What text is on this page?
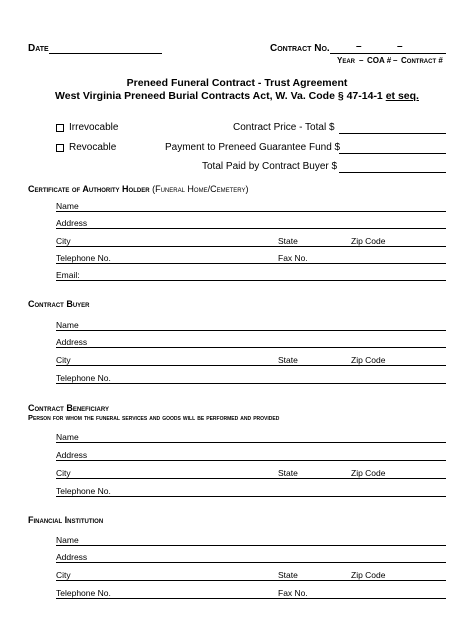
Date	Contract No.	–	–
Year – COA # – Contract #
Preneed Funeral Contract - Trust Agreement
West Virginia Preneed Burial Contracts Act, W. Va. Code § 47-14-1 et seq.
Irrevocable	Contract Price - Total $
Revocable	Payment to Preneed Guarantee Fund $
Total Paid by Contract Buyer $
Certificate of Authority Holder (Funeral Home/Cemetery)
Name
Address
City	State	Zip Code
Telephone No.	Fax No.
Email:
Contract Buyer
Name
Address
City	State	Zip Code
Telephone No.
Contract Beneficiary
Person for whom the funeral services and goods will be performed and provided
Name
Address
City	State	Zip Code
Telephone No.
Financial Institution
Name
Address
City	State	Zip Code
Telephone No.	Fax No.
